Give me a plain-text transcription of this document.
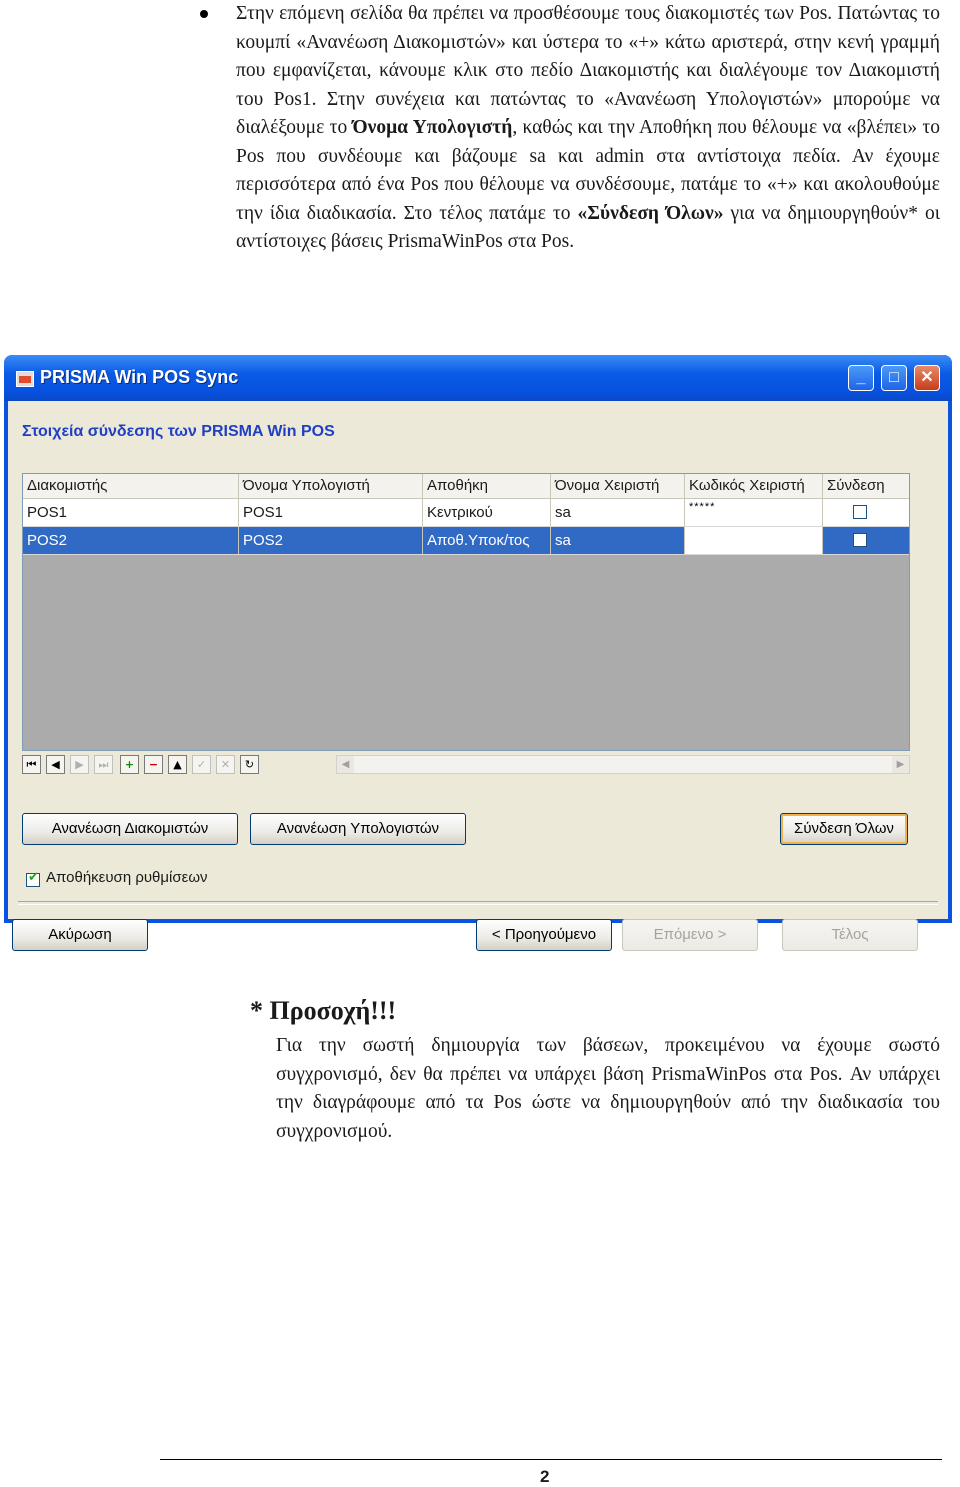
Στην επόμενη σελίδα θα πρέπει να προσθέσουμε τους διακομιστές των Pos. Πατώντας το κουμπί «Ανανέωση Διακομιστών» και ύστερα το «+» κάτω αριστερά, στην κενή γραμμή που εμφανίζεται, κάνουμε κλικ στο πεδίο Διακομιστής και διαλέγουμε τον Διακομιστή του Pos1. Στην συνέχεια και πατώντας το «Ανανέωση Υπολογιστών» μπορούμε να διαλέξουμε το Όνομα Υπολογιστή, καθώς και την Αποθήκη που θέλουμε να «βλέπει» το Pos που συνδέουμε και βάζουμε sa και admin στα αντίστοιχα πεδία. Αν έχουμε περισσότερα από ένα Pos που θέλουμε να συνδέσουμε, πατάμε το «+» και ακολουθούμε την ίδια διαδικασία. Στο τέλος πατάμε το «Σύνδεση Όλων» για να δημιουργηθούν* οι αντίστοιχες βάσεις PrismaWinPos στα Pos.
PRISMA Win POS Sync	_	□	✕
Στοιχεία σύνδεσης των PRISMA Win POS
Διακομιστής	Όνομα Υπολογιστή	Αποθήκη	Όνομα Χειριστή	Κωδικός Χειριστή	Σύνδεση
POS1	POS1	Κεντρικού	sa	*****
POS2	POS2	Αποθ.Υποκ/τος	sa	*****
⏮	◀	▶	⏭	+	−	▲	✓	✕	↻	◀	▶
Ανανέωση Διακομιστών	Ανανέωση Υπολογιστών	Σύνδεση Όλων
✔ Αποθήκευση ρυθμίσεων
Ακύρωση	< Προηγούμενο	Επόμενο >	Τέλος
* Προσοχή!!!
Για την σωστή δημιουργία των βάσεων, προκειμένου να έχουμε σωστό συγχρονισμό, δεν θα πρέπει να υπάρχει βάση PrismaWinPos στα Pos. Αν υπάρχει την διαγράφουμε από τα Pos ώστε να δημιουργηθούν από την διαδικασία του συγχρονισμού.
2
